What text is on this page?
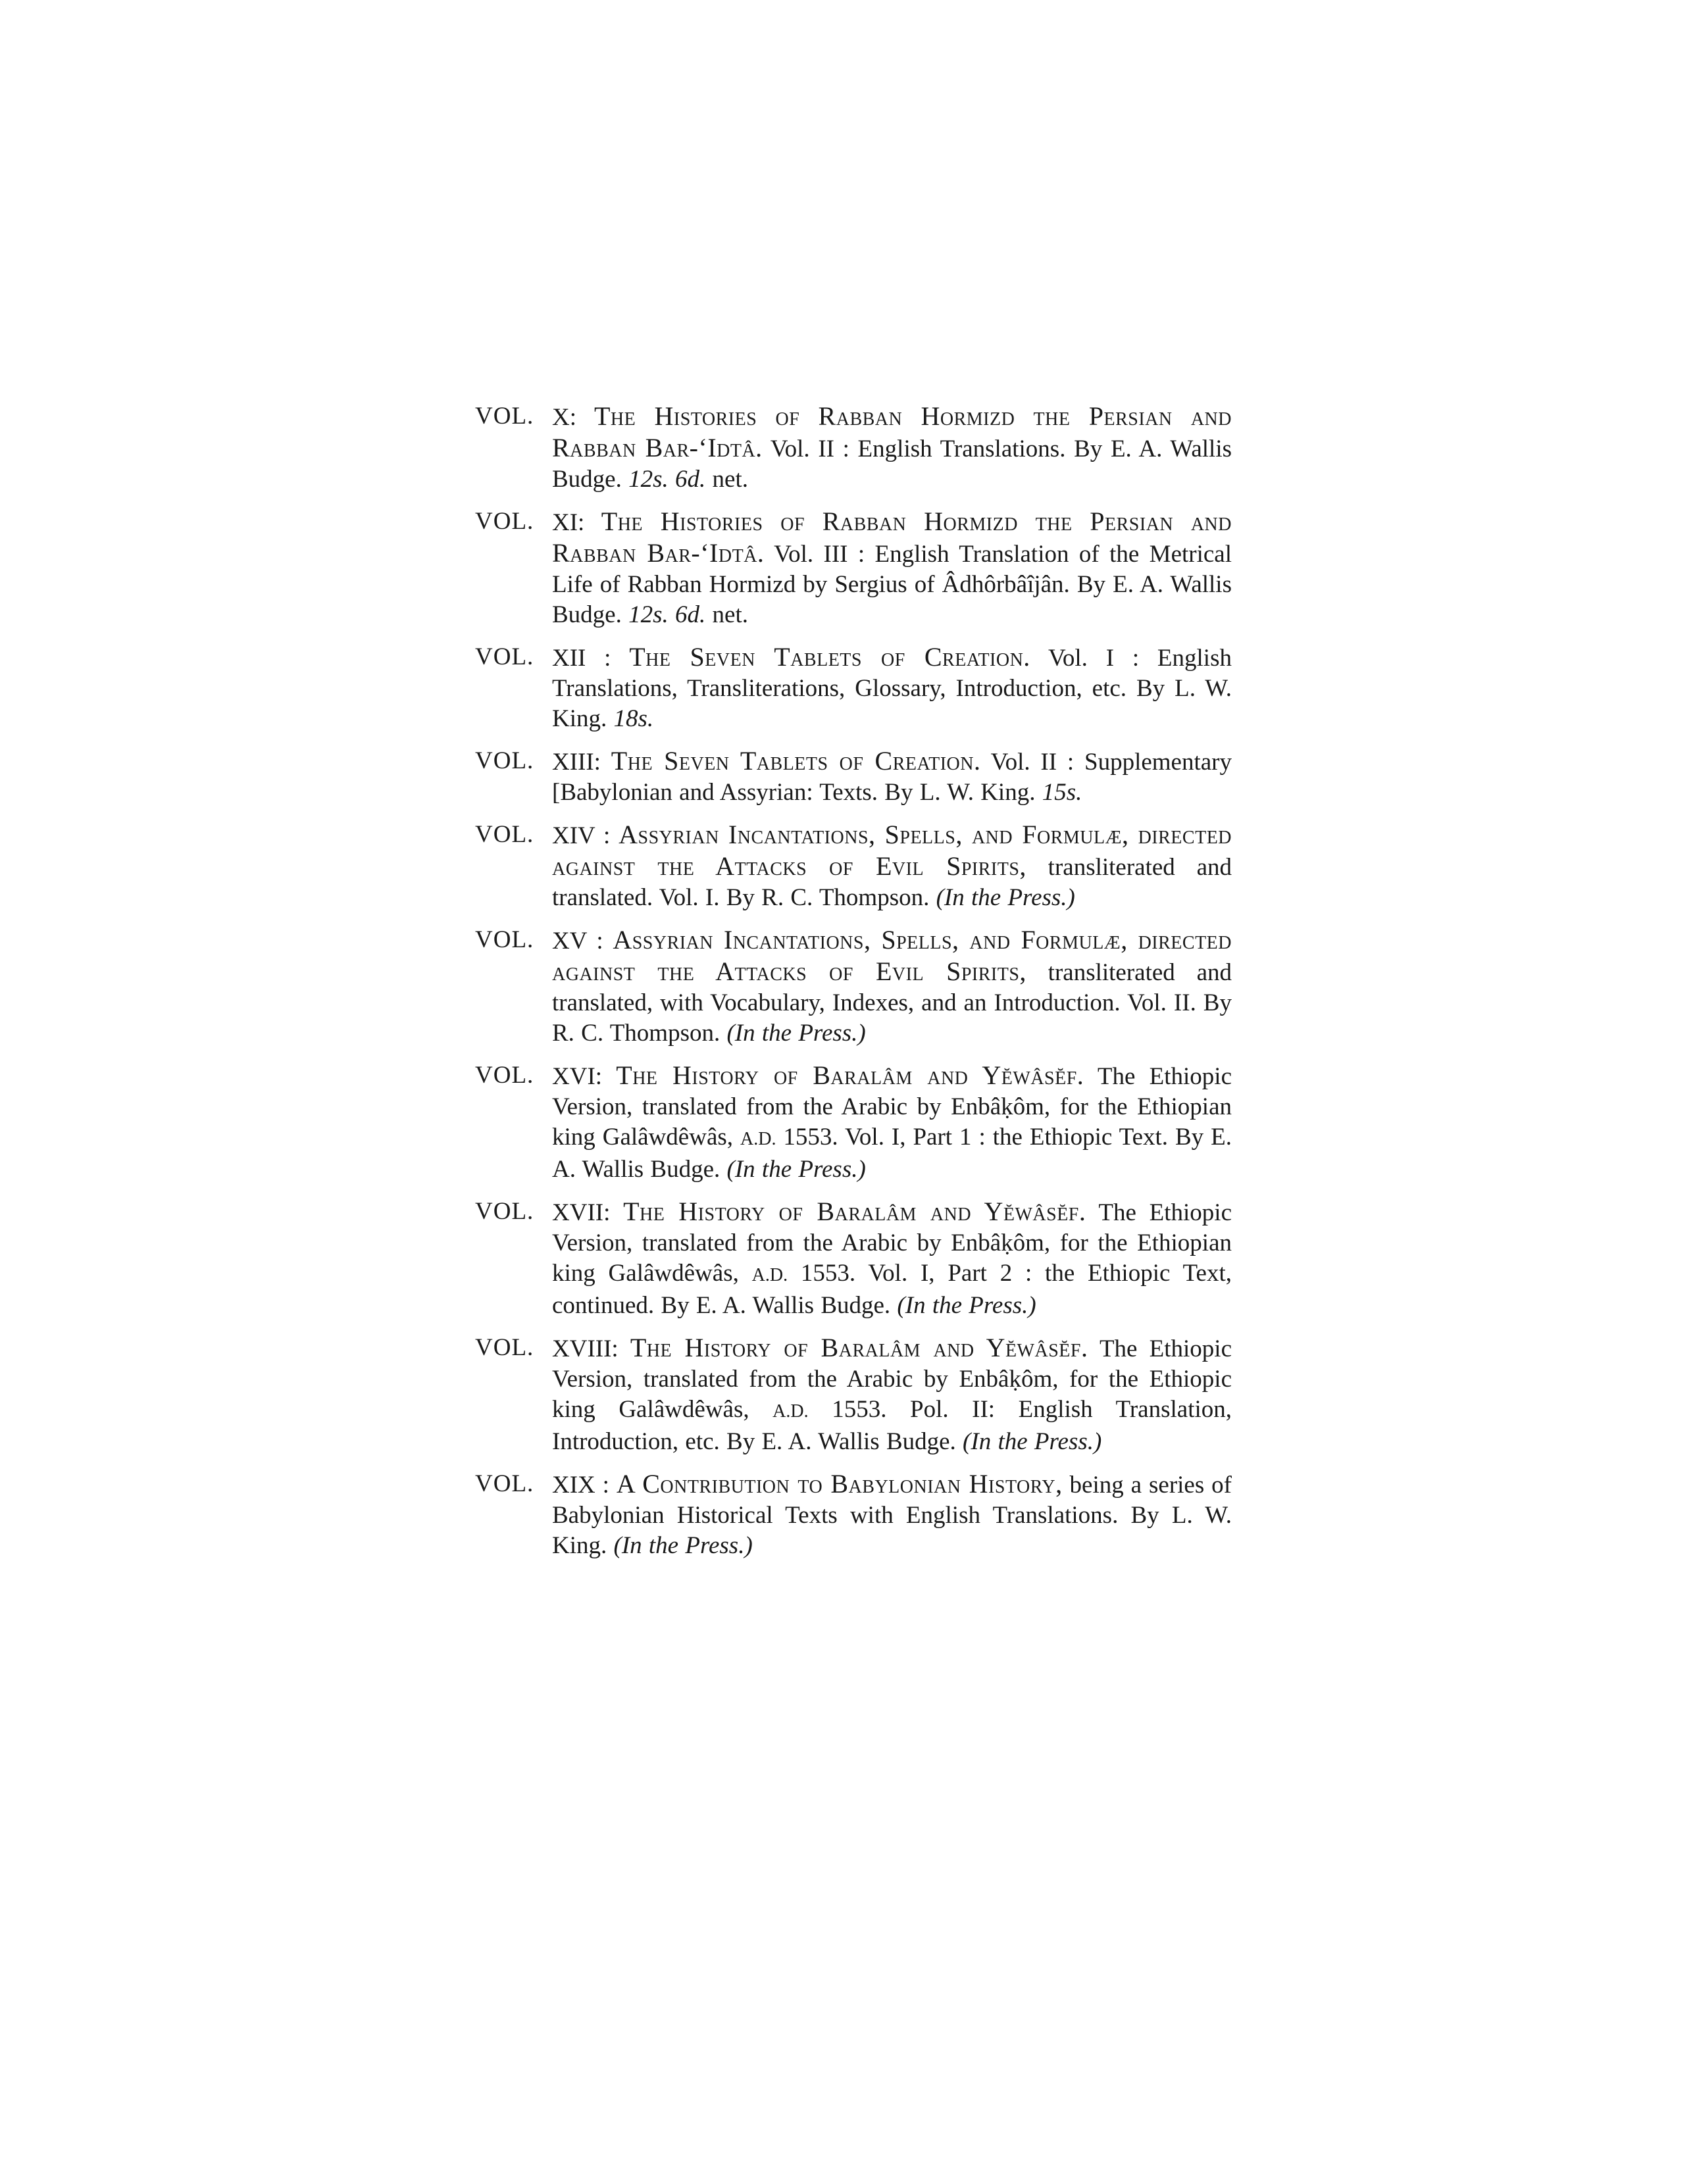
VOL. X: The Histories of Rabban Hormizd the Persian and Rabban Bar-‘Idtâ. Vol. II : English Translations. By E. A. Wallis Budge. 12s. 6d. net.
VOL. XI: The Histories of Rabban Hormizd the Persian and Rabban Bar-‘Idtâ. Vol. III : English Translation of the Metrical Life of Rabban Hormizd by Sergius of Âdhôrbâîjân. By E. A. Wallis Budge. 12s. 6d. net.
VOL. XII : The Seven Tablets of Creation. Vol. I : English Translations, Transliterations, Glossary, Introduction, etc. By L. W. King. 18s.
VOL. XIII: The Seven Tablets of Creation. Vol. II : Supplementary [Babylonian and Assyrian: Texts. By L. W. King. 15s.
VOL. XIV : Assyrian Incantations, Spells, and Formulæ, directed against the Attacks of Evil Spirits, transliterated and translated. Vol. I. By R. C. Thompson. (In the Press.)
VOL. XV : Assyrian Incantations, Spells, and Formulæ, directed against the Attacks of Evil Spirits, transliterated and translated, with Vocabulary, Indexes, and an Introduction. Vol. II. By R. C. Thompson. (In the Press.)
VOL. XVI: The History of Baralâm and Yĕwâsĕf. The Ethiopic Version, translated from the Arabic by Enbâḳôm, for the Ethiopian king Galâwdêwâs, A.D. 1553. Vol. I, Part 1 : the Ethiopic Text. By E. A. Wallis Budge. (In the Press.)
VOL. XVII: The History of Baralâm and Yĕwâsĕf. The Ethiopic Version, translated from the Arabic by Enbâḳôm, for the Ethiopian king Galâwdêwâs, A.D. 1553. Vol. I, Part 2 : the Ethiopic Text, continued. By E. A. Wallis Budge. (In the Press.)
VOL. XVIII: The History of Baralâm and Yĕwâsĕf. The Ethiopic Version, translated from the Arabic by Enbâḳôm, for the Ethiopic king Galâwdêwâs, A.D. 1553. Pol. II: English Translation, Introduction, etc. By E. A. Wallis Budge. (In the Press.)
VOL. XIX : A Contribution to Babylonian History, being a series of Babylonian Historical Texts with English Translations. By L. W. King. (In the Press.)
